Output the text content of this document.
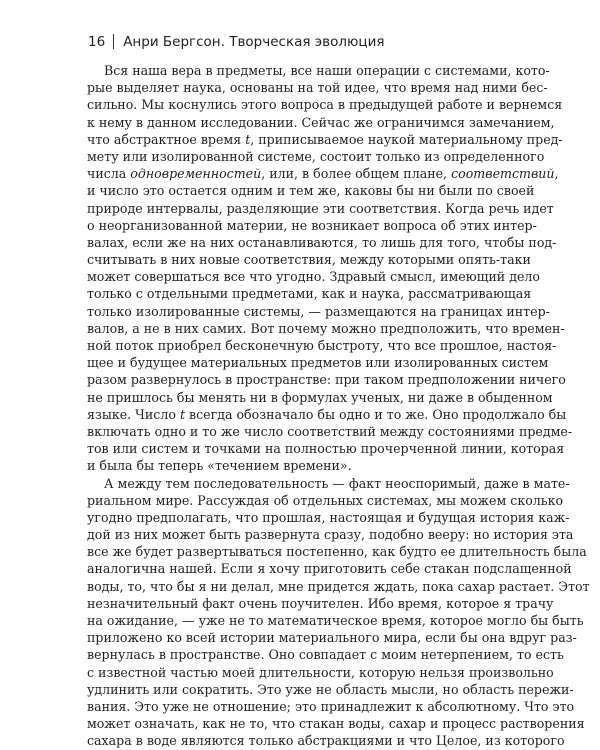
16 Анри Бергсон. Творческая эволюция
Вся наша вера в предметы, все наши операции с системами, кото-
рые выделяет наука, основаны на той идее, что время над ними бес-
сильно. Мы коснулись этого вопроса в предыдущей работе и вернемся
к нему в данном исследовании. Сейчас же ограничимся замечанием,
что абстрактное время t, приписываемое наукой материальному пред-
мету или изолированной системе, состоит только из определенного
числа одновременностей, или, в более общем плане, соответствий,
и число это остается одним и тем же, каковы бы ни были по своей
природе интервалы, разделяющие эти соответствия. Когда речь идет
о неорганизованной материи, не возникает вопроса об этих интер-
валах, если же на них останавливаются, то лишь для того, чтобы под-
считывать в них новые соответствия, между которыми опять-таки
может совершаться все что угодно. Здравый смысл, имеющий дело
только с отдельными предметами, как и наука, рассматривающая
только изолированные системы, — размещаются на границах интер-
валов, а не в них самих. Вот почему можно предположить, что времен-
ной поток приобрел бесконечную быстроту, что все прошлое, настоя-
щее и будущее материальных предметов или изолированных систем
разом развернулось в пространстве: при таком предположении ничего
не пришлось бы менять ни в формулах ученых, ни даже в обыденном
языке. Число t всегда обозначало бы одно и то же. Оно продолжало бы
включать одно и то же число соответствий между состояниями предме-
тов или систем и точками на полностью прочерченной линии, которая
и была бы теперь «течением времени».
А между тем последовательность — факт неоспоримый, даже в мате-
риальном мире. Рассуждая об отдельных системах, мы можем сколько
угодно предполагать, что прошлая, настоящая и будущая история каж-
дой из них может быть развернута сразу, подобно вееру: но история эта
все же будет развертываться постепенно, как будто ее длительность была
аналогична нашей. Если я хочу приготовить себе стакан подслащенной
воды, то, что бы я ни делал, мне придется ждать, пока сахар растает. Этот
незначительный факт очень поучителен. Ибо время, которое я трачу
на ожидание, — уже не то математическое время, которое могло бы быть
приложено ко всей истории материального мира, если бы она вдруг раз-
вернулась в пространстве. Оно совпадает с моим нетерпением, то есть
с известной частью моей длительности, которую нельзя произвольно
удлинить или сократить. Это уже не область мысли, но область пережи-
вания. Это уже не отношение; это принадлежит к абсолютному. Что это
может означать, как не то, что стакан воды, сахар и процесс растворения
сахара в воде являются только абстракциями и что Целое, из которого
